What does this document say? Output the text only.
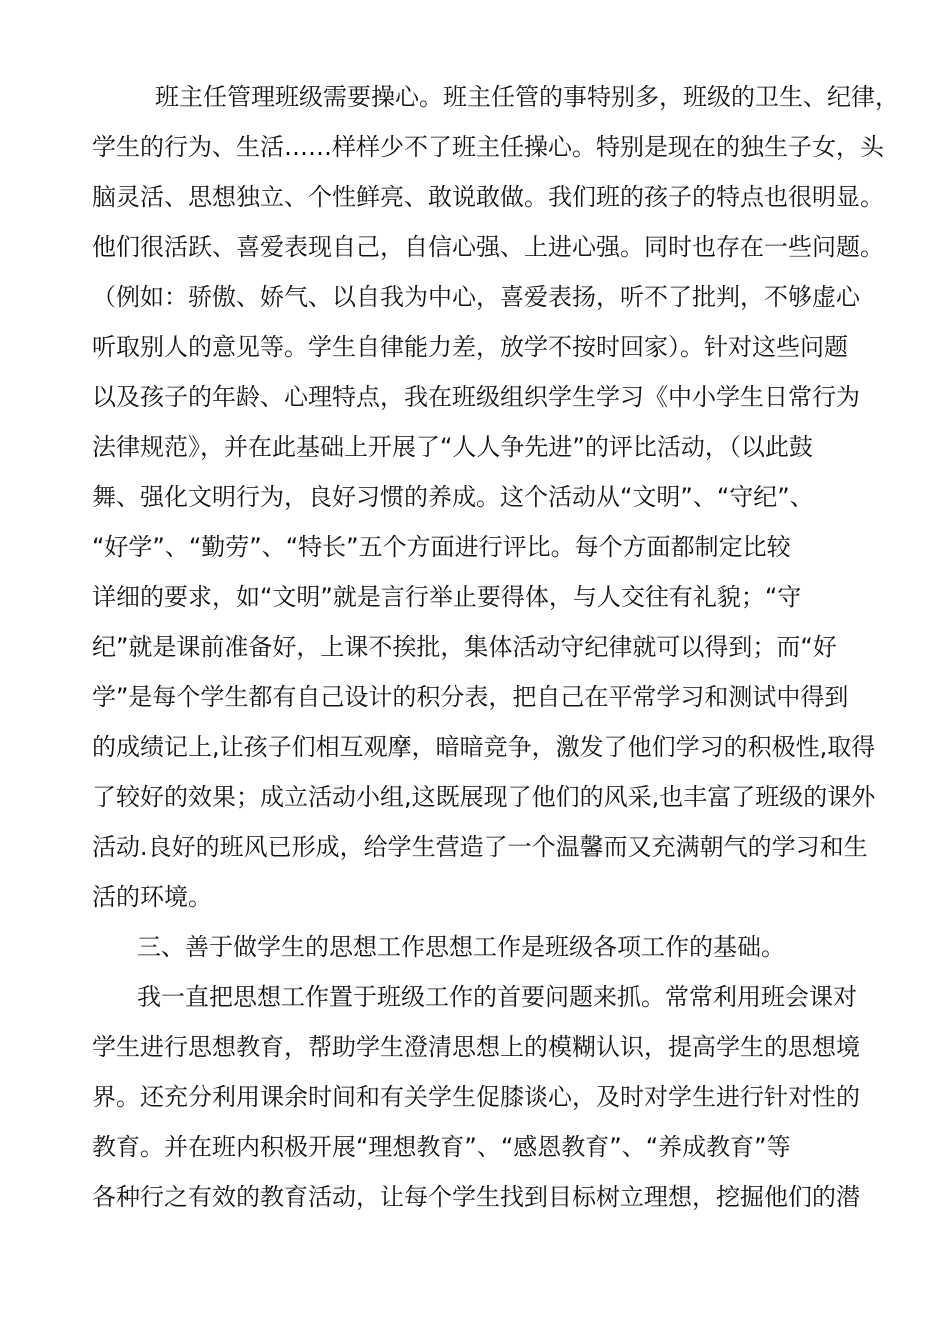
班主任管理班级需要操心。班主任管的事特别多，班级的卫生、纪律，
学生的行为、生活……样样少不了班主任操心。特别是现在的独生子女，头
脑灵活、思想独立、个性鲜亮、敢说敢做。我们班的孩子的特点也很明显。
他们很活跃、喜爱表现自己，自信心强、上进心强。同时也存在一些问题。
（例如：骄傲、娇气、以自我为中心，喜爱表扬，听不了批判，不够虚心
听取别人的意见等。学生自律能力差，放学不按时回家）。针对这些问题
以及孩子的年龄、心理特点，我在班级组织学生学习《中小学生日常行为
法律规范》，并在此基础上开展了“人人争先进”的评比活动，（以此鼓
舞、强化文明行为，良好习惯的养成。这个活动从“文明”、“守纪”、
“好学”、“勤劳”、“特长”五个方面进行评比。每个方面都制定比较
详细的要求，如“文明”就是言行举止要得体，与人交往有礼貌；“守
纪”就是课前准备好，上课不挨批，集体活动守纪律就可以得到；而“好
学”是每个学生都有自己设计的积分表，把自己在平常学习和测试中得到
的成绩记上,让孩子们相互观摩，暗暗竞争，激发了他们学习的积极性,取得
了较好的效果；成立活动小组,这既展现了他们的风采,也丰富了班级的课外
活动.良好的班风已形成，给学生营造了一个温馨而又充满朝气的学习和生
活的环境。
三、善于做学生的思想工作思想工作是班级各项工作的基础。
我一直把思想工作置于班级工作的首要问题来抓。常常利用班会课对
学生进行思想教育，帮助学生澄清思想上的模糊认识，提高学生的思想境
界。还充分利用课余时间和有关学生促膝谈心，及时对学生进行针对性的
教育。并在班内积极开展“理想教育”、“感恩教育”、“养成教育”等
各种行之有效的教育活动，让每个学生找到目标树立理想，挖掘他们的潜
